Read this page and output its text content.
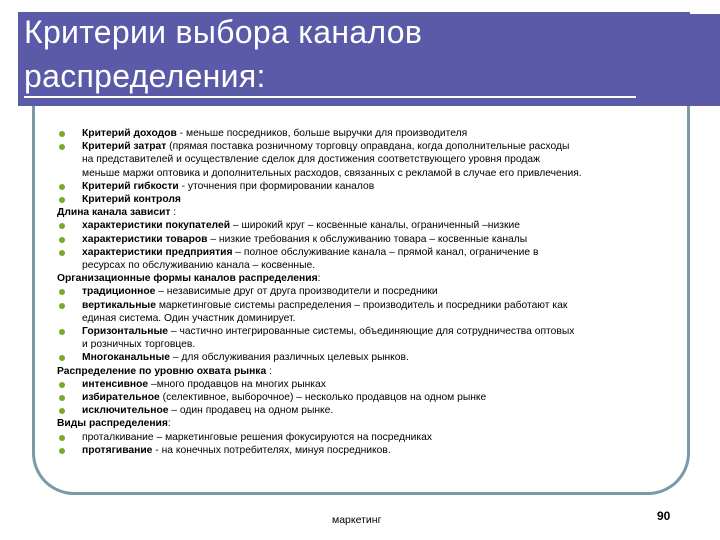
Критерии выбора каналов
распределения:
Критерий доходов - меньше посредников, больше выручки для производителя
Критерий затрат (прямая поставка розничному торговцу оправдана, когда дополнительные расходы
на представителей и осуществление сделок для достижения соответствующего уровня продаж
меньше маржи оптовика и дополнительных расходов, связанных с рекламой в случае его привлечения.
Критерий гибкости - уточнения при формировании каналов
Критерий контроля
Длина канала зависит :
характеристики покупателей – широкий круг – косвенные каналы, ограниченный –низкие
характеристики товаров – низкие требования к обслуживанию товара – косвенные каналы
характеристики предприятия – полное обслуживание канала – прямой канал, ограничение в
ресурсах по обслуживанию канала – косвенные.
Организационные формы каналов распределения:
традиционное – независимые друг от друга производители и посредники
вертикальные маркетинговые системы распределения – производитель и посредники работают как
единая система. Один участник доминирует.
Горизонтальные – частично интегрированные системы, объединяющие для сотрудничества оптовых
и розничных торговцев.
Многоканальные – для обслуживания различных целевых рынков.
Распределение по уровню охвата рынка :
интенсивное –много продавцов на многих рынках
избирательное (селективное, выборочное) – несколько продавцов на одном рынке
исключительное – один продавец на одном рынке.
Виды распределения:
проталкивание – маркетинговые решения фокусируются на посредниках
протягивание - на конечных потребителях, минуя посредников.
маркетинг	90
